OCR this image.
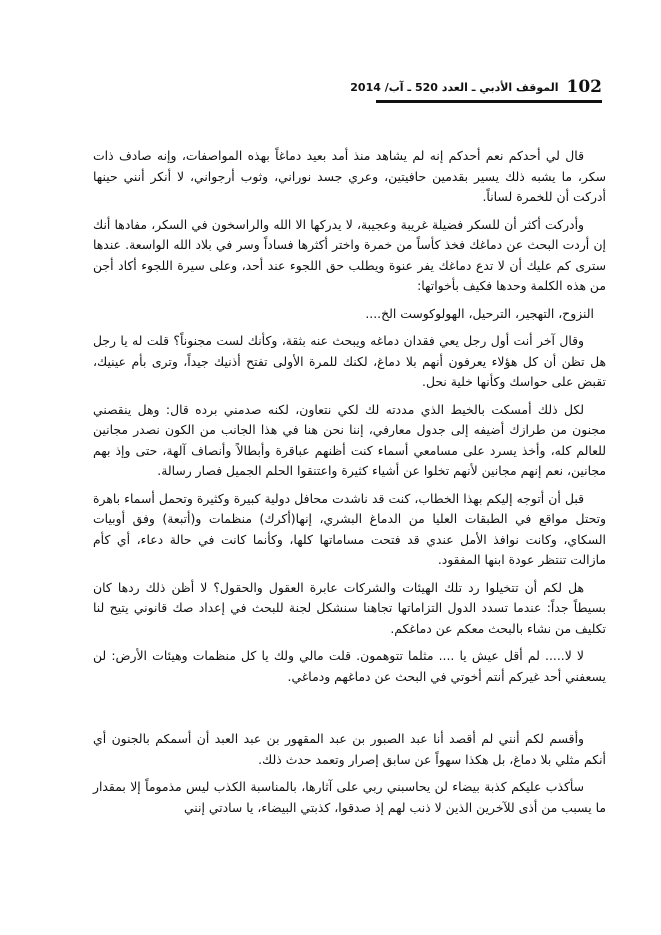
102
الموقف الأدبي ـ العدد 520 ـ آب/ 2014

قال لي أحدكم نعم أحدكم إنه لم يشاهد منذ أمد بعيد دماغاً بهذه المواصفات، وإنه صادف ذات سكر، ما يشبه ذلك يسير بقدمين حافيتين، وعري جسد نوراني، وثوب أرجواني، لا أنكر أنني حينها أدركت أن للخمرة لساناً.

وأدركت أكثر أن للسكر فضيلة غريبة وعجيبة، لا يدركها الا الله والراسخون في السكر، مفادها أنك إن أردت البحث عن دماغك فخذ كأساً من خمرة واختر أكثرها فساداً وسر في بلاد الله الواسعة. عندها سترى كم عليك أن لا تدع دماغك يفر عنوة ويطلب حق اللجوء عند أحد، وعلى سيرة اللجوء أكاد أجن من هذه الكلمة وحدها فكيف بأخواتها:

النزوح، التهجير، الترحيل، الهولوكوست الخ....

وقال آخر أنت أول رجل يعي فقدان دماغه ويبحث عنه بثقة، وكأنك لست مجنوناً؟ قلت له يا رجل هل تظن أن كل هؤلاء يعرفون أنهم بلا دماغ، لكنك للمرة الأولى تفتح أذنيك جيداً، وترى بأم عينيك، تقبض على حواسك وكأنها خلية نحل.

لكل ذلك أمسكت بالخيط الذي مددته لك لكي نتعاون، لكنه صدمني برده قال: وهل ينقصني مجنون من طرازك أضيفه إلى جدول معارفي، إننا نحن هنا في هذا الجانب من الكون نصدر مجانين للعالم كله، وأخذ يسرد على مسامعي أسماء كنت أظنهم عباقرة وأبطالاً وأنصاف آلهة، حتى وإذ بهم مجانين، نعم إنهم مجانين لأنهم تخلوا عن أشياء كثيرة واعتنقوا الحلم الجميل فصار رسالة.

قبل أن أتوجه إليكم بهذا الخطاب، كنت قد ناشدت محافل دولية كبيرة وكثيرة وتحمل أسماء باهرة وتحتل مواقع في الطبقات العليا من الدماغ البشري، إنها(أكرك) منظمات و(أتبعة) وفق أوبيات السكاي، وكانت نوافذ الأمل عندي قد فتحت مساماتها كلها، وكأنما كانت في حالة دعاء، أي كأم مازالت تنتظر عودة ابنها المفقود.

هل لكم أن تتخيلوا رد تلك الهيئات والشركات عابرة العقول والحقول؟ لا أظن ذلك ردها كان بسيطاً جداً: عندما تسدد الدول التزاماتها تجاهنا سنشكل لجنة للبحث في إعداد صك قانوني يتيح لنا تكليف من نشاء بالبحث معكم عن دماغكم.

لا لا..... لم أقل عيش يا .... مثلما تتوهمون. قلت مالي ولك يا كل منظمات وهيئات الأرض: لن يسعفني أحد غيركم أنتم أخوتي في البحث عن دماغهم ودماغي.

وأقسم لكم أنني لم أقصد أنا عبد الصبور بن عبد المقهور بن عبد العبد أن أسمكم بالجنون أي أنكم مثلي بلا دماغ، بل هكذا سهواً عن سابق إصرار وتعمد حدث ذلك.

سأكذب عليكم كذبة بيضاء لن يحاسبني ربي على آثارها، بالمناسبة الكذب ليس مذموماً إلا بمقدار ما يسبب من أذى للآخرين الذين لا ذنب لهم إذ صدقوا، كذبتي البيضاء، يا سادتي إنني
